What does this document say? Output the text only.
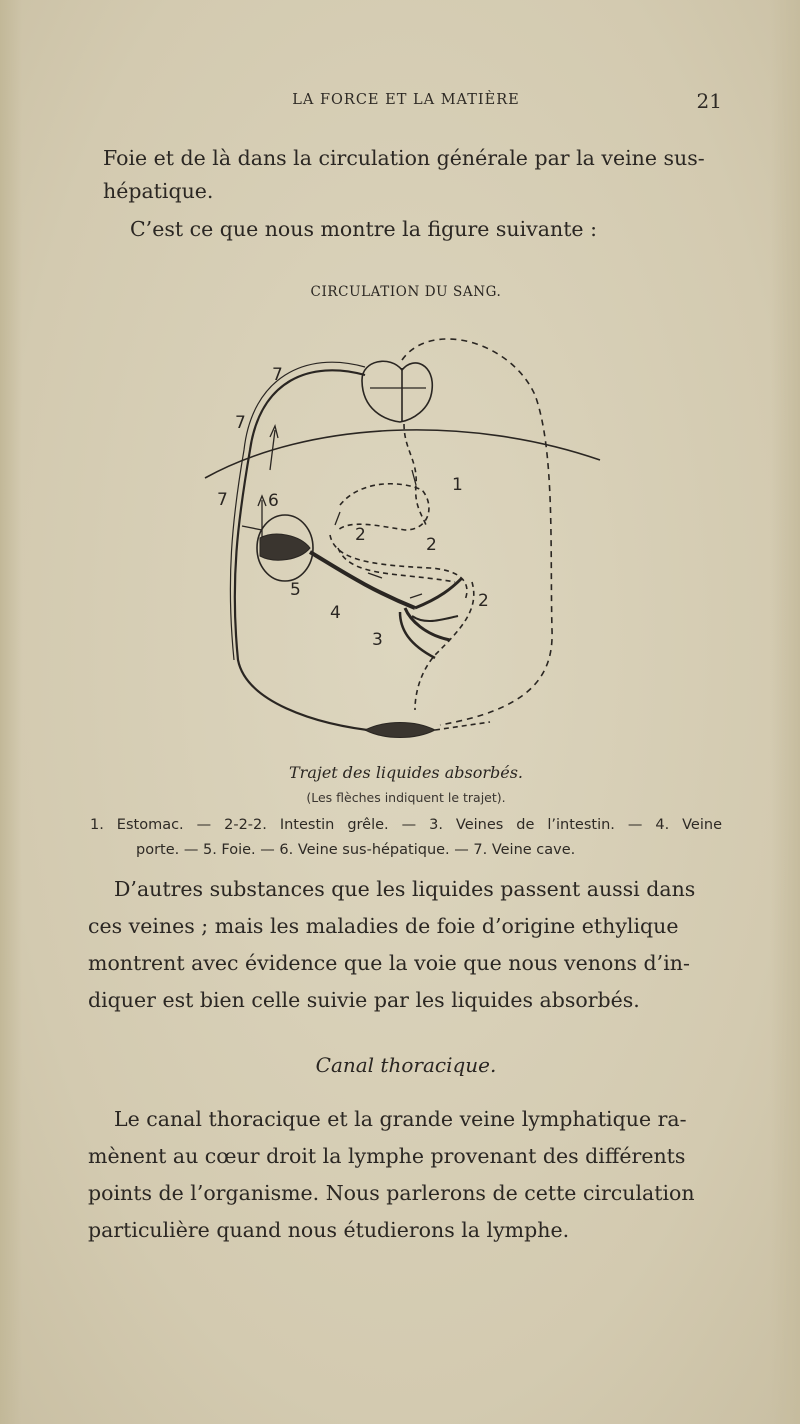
LA FORCE ET LA MATIÈRE	21

Foie et de là dans la circulation générale par la veine sus-
hépatique.

C’est ce que nous montre la figure suivante :

CIRCULATION DU SANG.
7
7
7 6
1
2	2
2
5
4
3
Trajet des liquides absorbés.
(Les flèches indiquent le trajet).
1. Estomac. — 2-2-2. Intestin grêle. — 3. Veines de l’intestin. — 4. Veine
porte. — 5. Foie. — 6. Veine sus-hépatique. — 7. Veine cave.

D’autres substances que les liquides passent aussi dans
ces veines ; mais les maladies de foie d’origine ethylique
montrent avec évidence que la voie que nous venons d’in-
diquer est bien celle suivie par les liquides absorbés.

Canal thoracique.

Le canal thoracique et la grande veine lymphatique ra-
mènent au cœur droit la lymphe provenant des différents
points de l’organisme. Nous parlerons de cette circulation
particulière quand nous étudierons la lymphe.
